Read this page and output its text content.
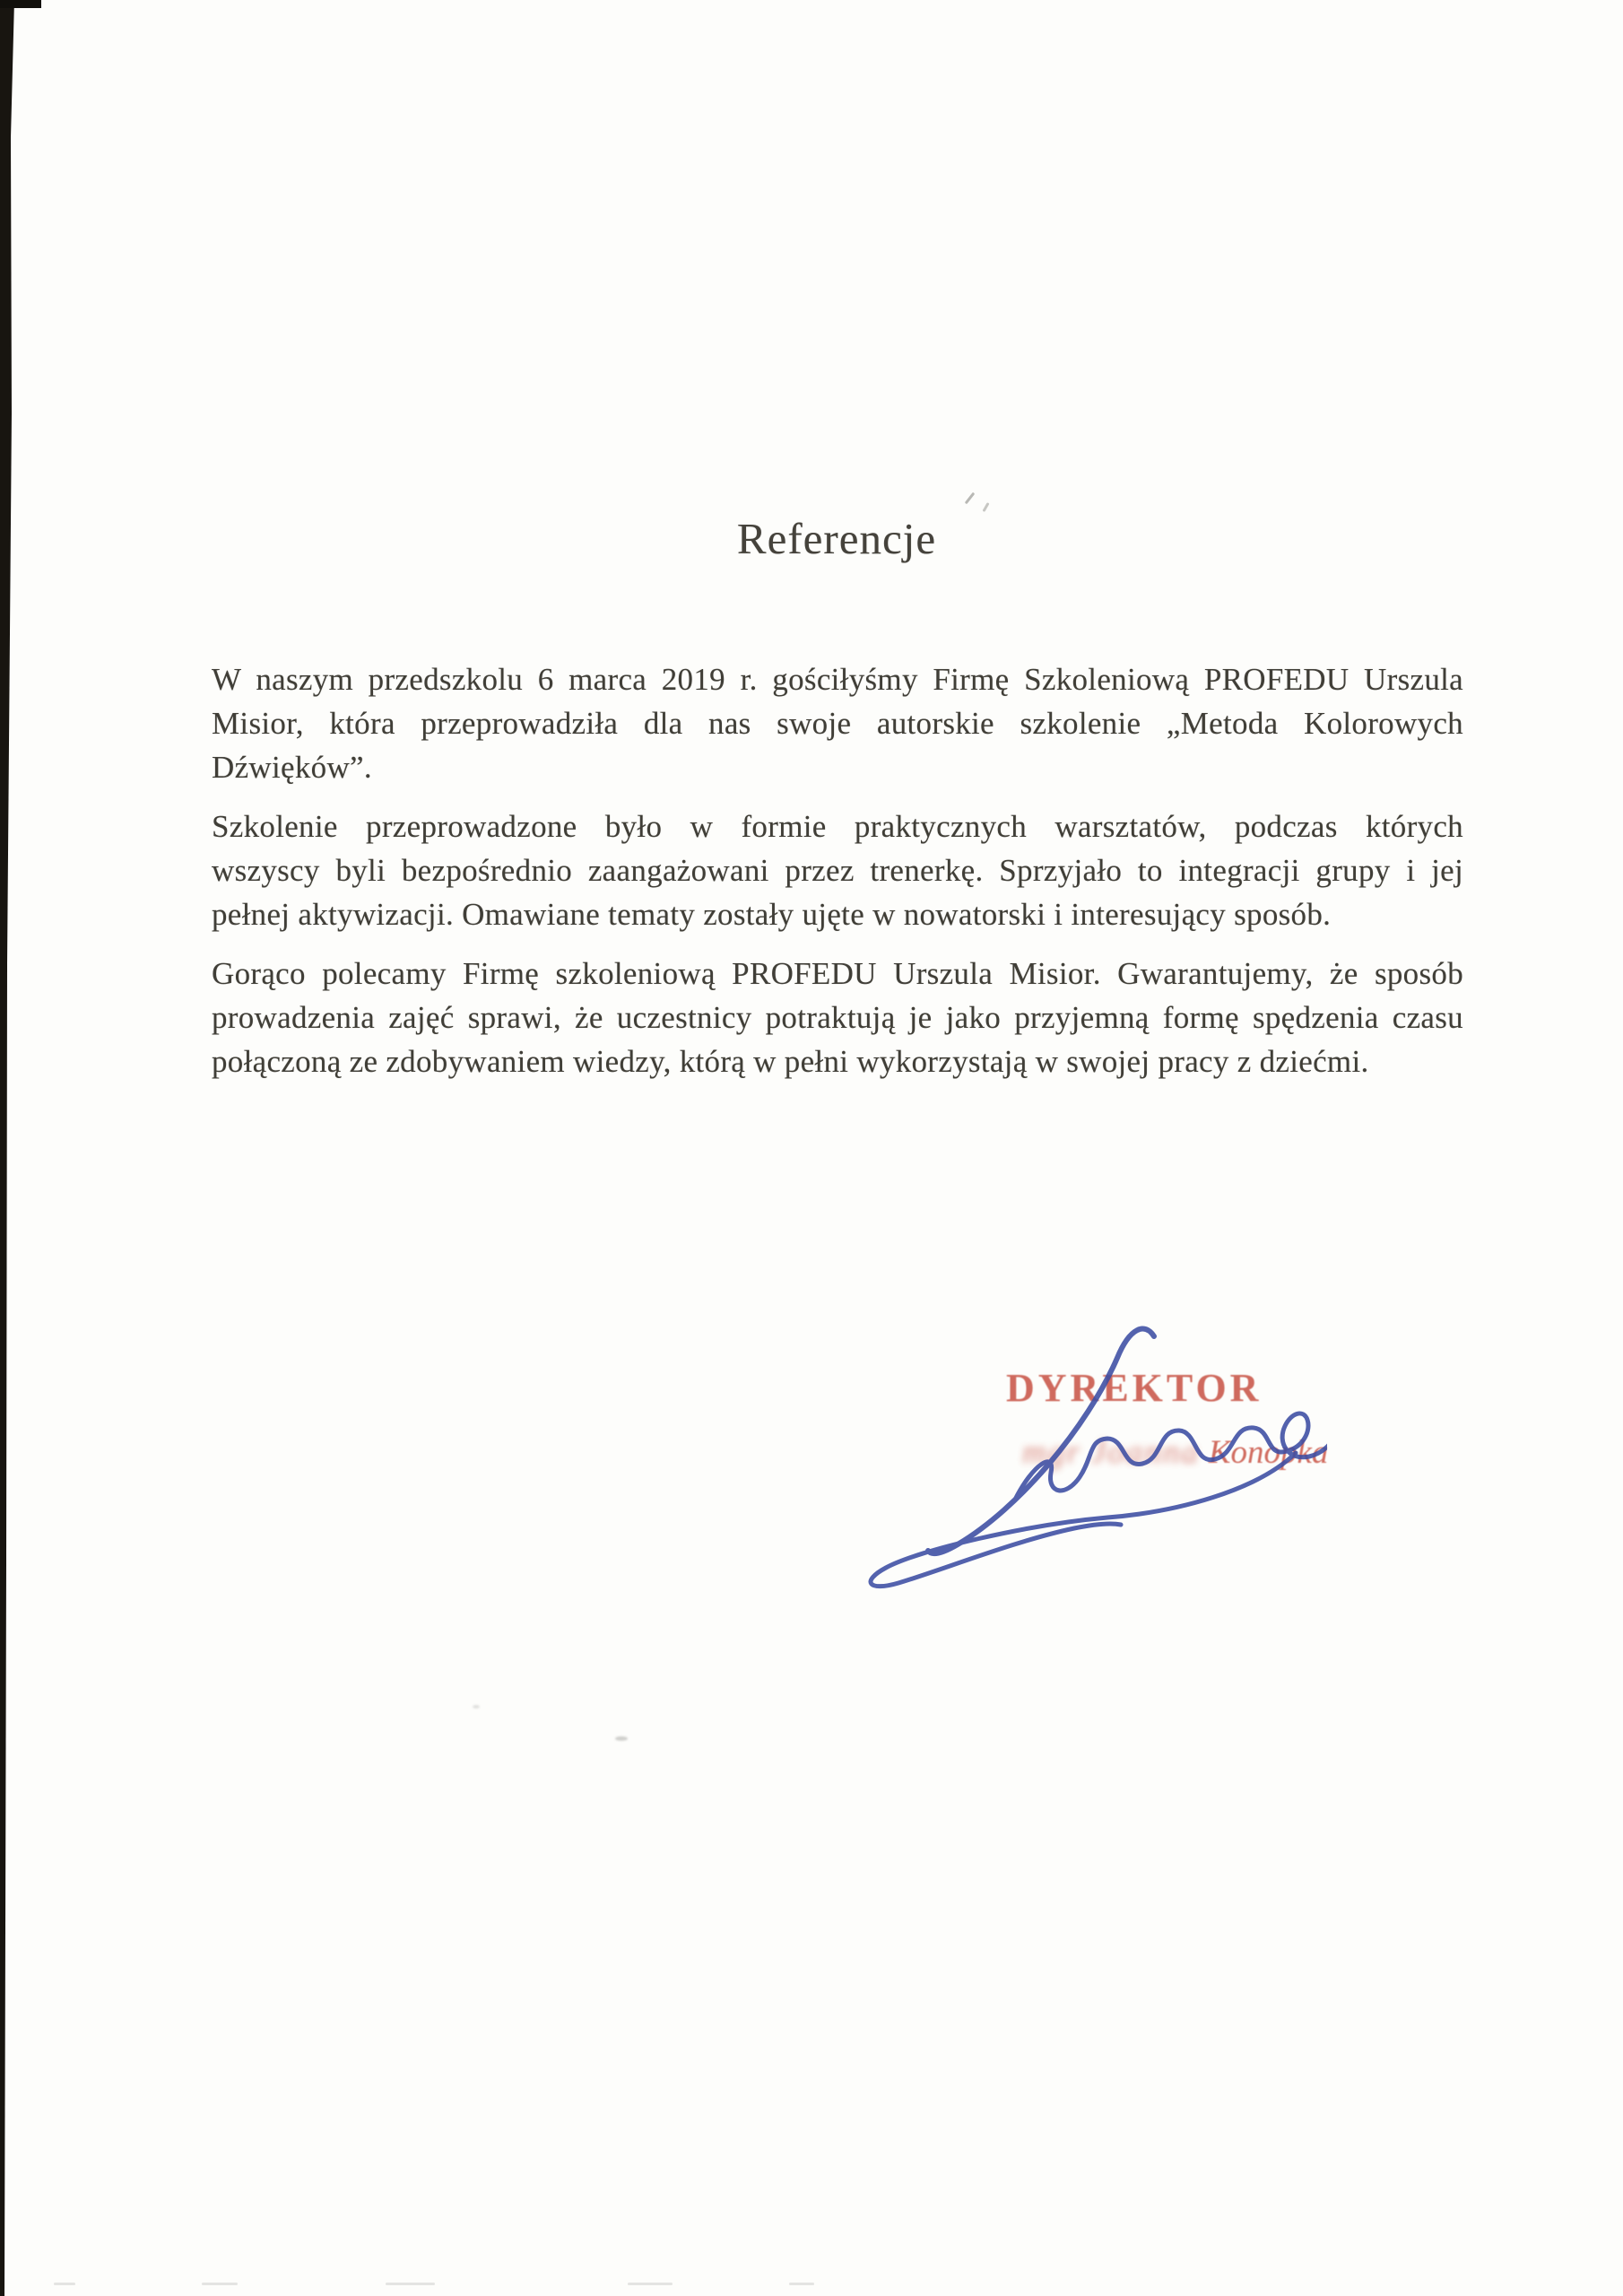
Referencje
W naszym przedszkolu 6 marca 2019 r. gościłyśmy Firmę Szkoleniową PROFEDU Urszula
Misior, która przeprowadziła dla nas swoje autorskie szkolenie „Metoda Kolorowych
Dźwięków”.
Szkolenie przeprowadzone było w formie praktycznych warsztatów, podczas których
wszyscy byli bezpośrednio zaangażowani przez trenerkę. Sprzyjało to integracji grupy i jej
pełnej aktywizacji. Omawiane tematy zostały ujęte w nowatorski i interesujący sposób.
Gorąco polecamy Firmę szkoleniową PROFEDU Urszula Misior. Gwarantujemy, że sposób
prowadzenia zajęć sprawi, że uczestnicy potraktują je jako przyjemną formę spędzenia czasu
połączoną ze zdobywaniem wiedzy, którą w pełni wykorzystają w swojej pracy z dziećmi.
DYREKTOR
mgr Joanna Konopka
